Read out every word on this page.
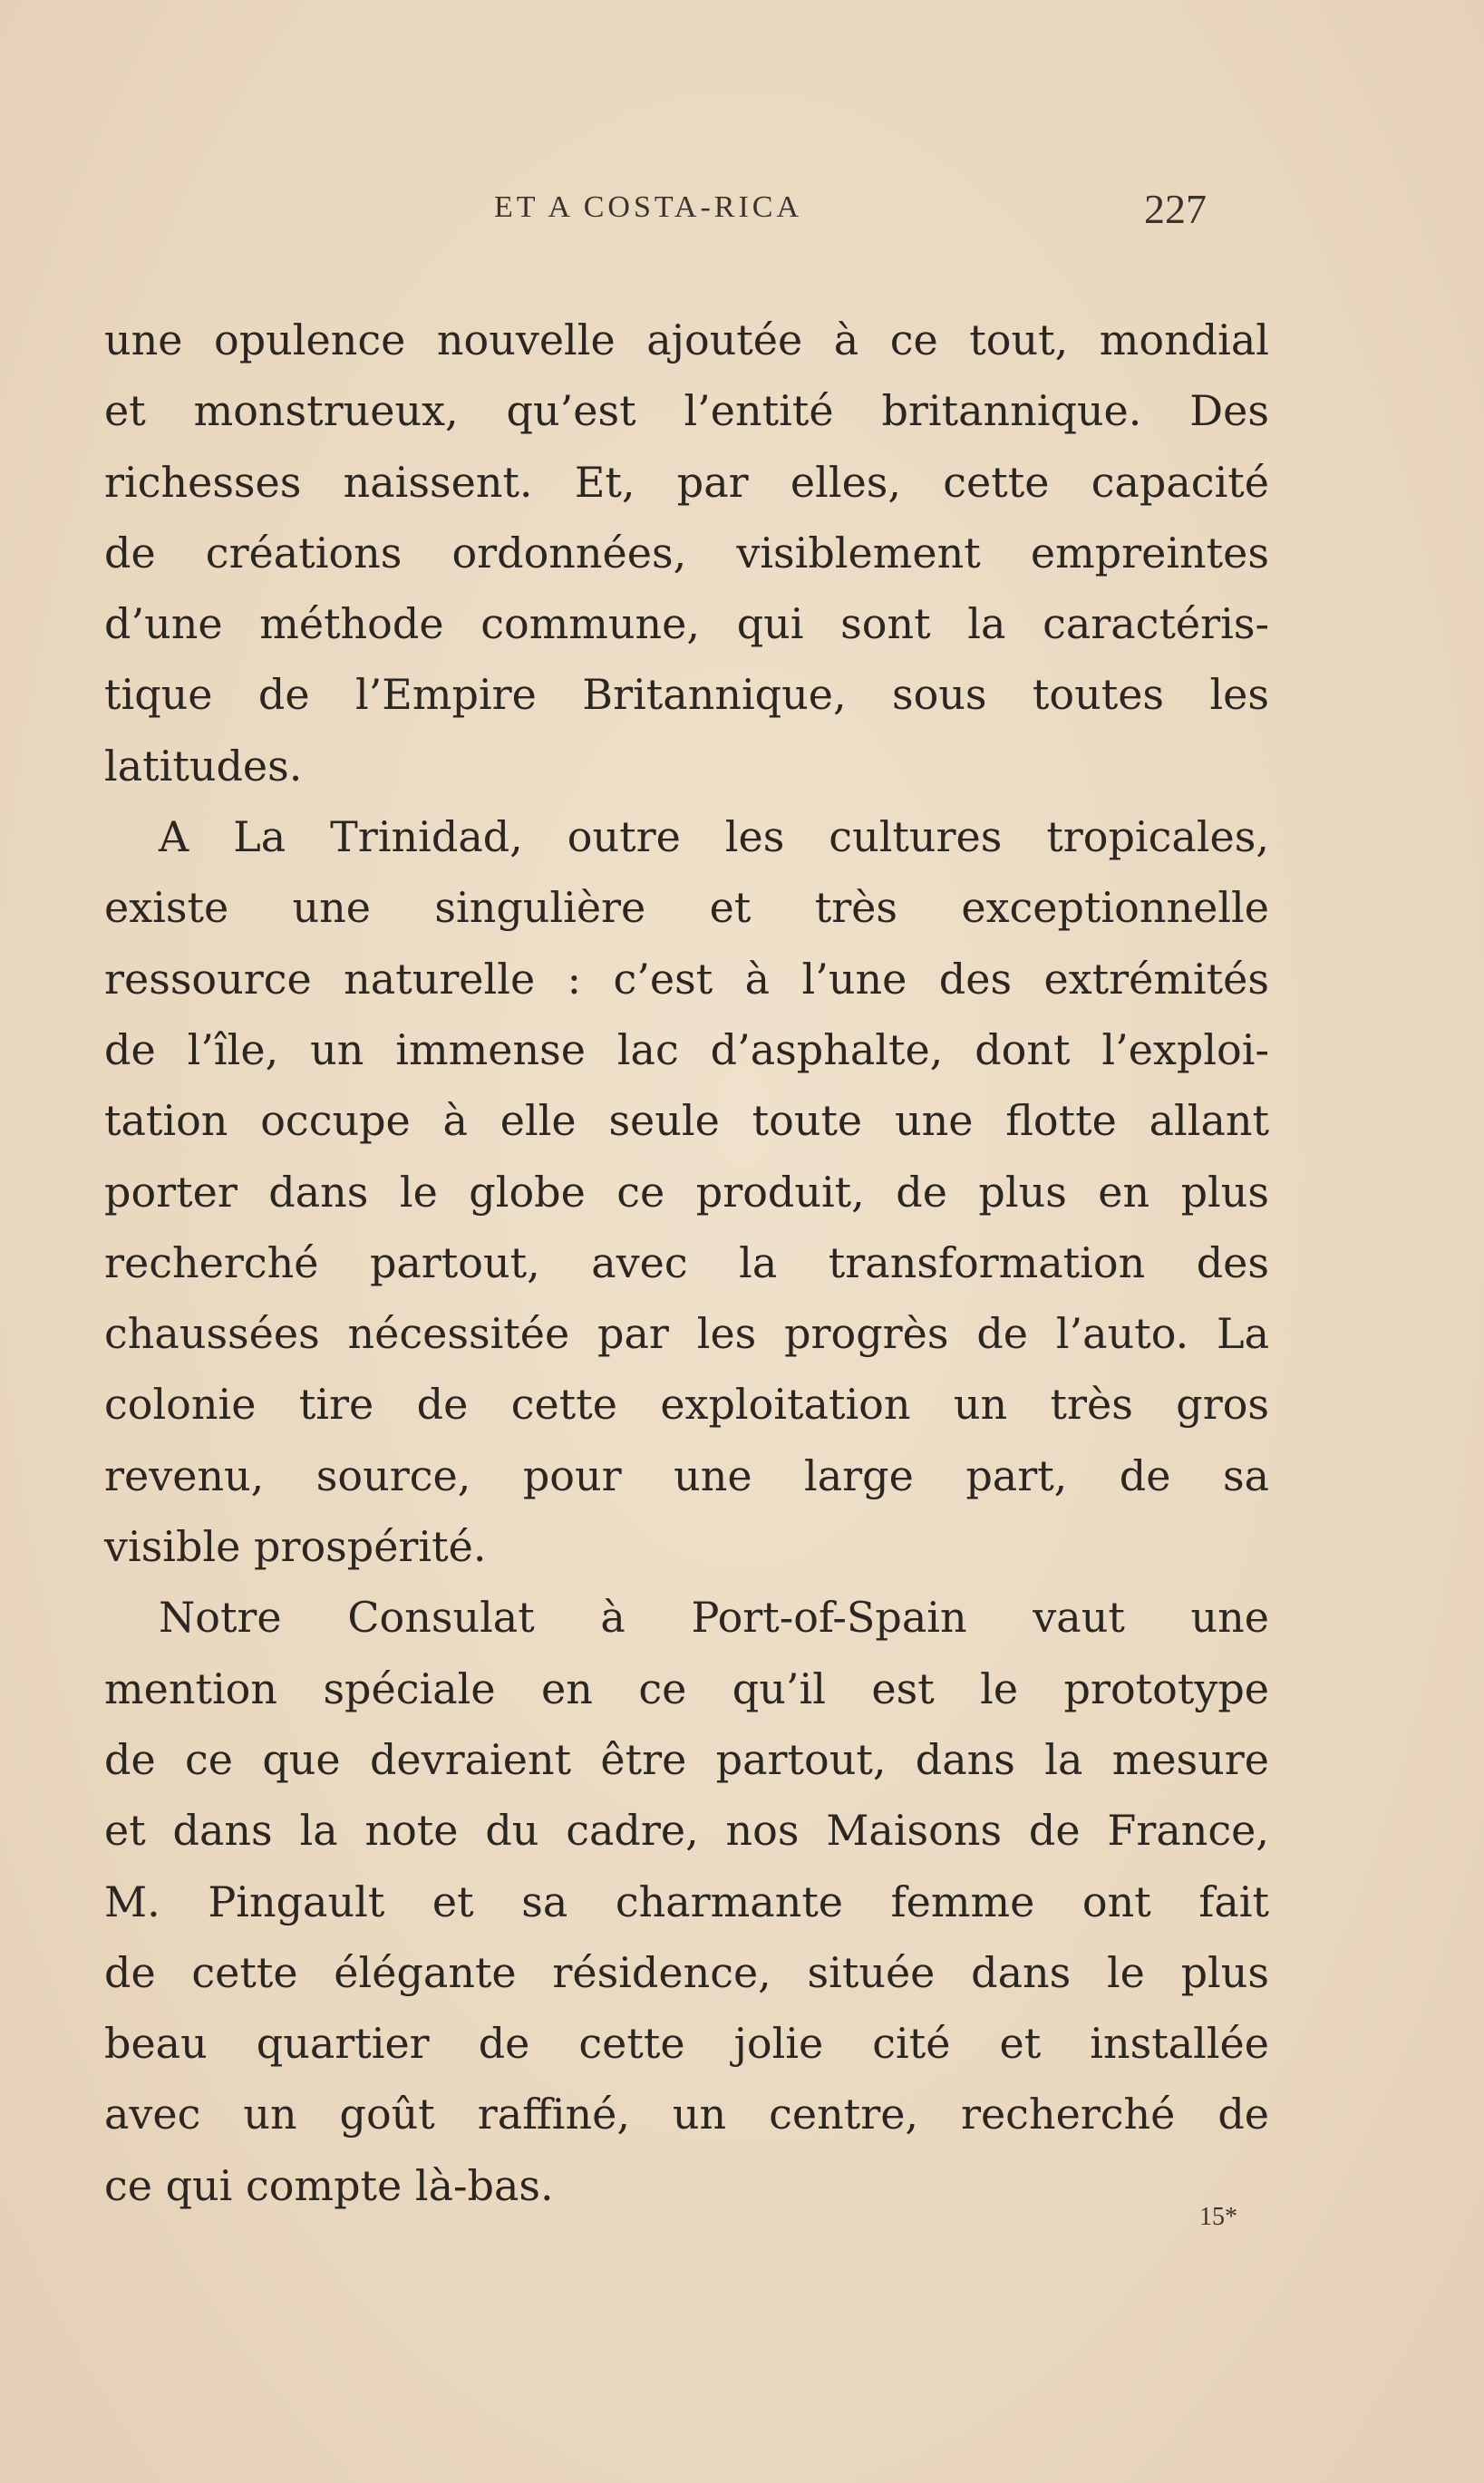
ET A COSTA-RICA	227
une opulence nouvelle ajoutée à ce tout, mondial
et monstrueux, qu’est l’entité britannique. Des
richesses naissent. Et, par elles, cette capacité
de créations ordonnées, visiblement empreintes
d’une méthode commune, qui sont la caractéris-
tique de l’Empire Britannique, sous toutes les
latitudes.
A La Trinidad, outre les cultures tropicales,
existe une singulière et très exceptionnelle
ressource naturelle : c’est à l’une des extrémités
de l’île, un immense lac d’asphalte, dont l’exploi-
tation occupe à elle seule toute une flotte allant
porter dans le globe ce produit, de plus en plus
recherché partout, avec la transformation des
chaussées nécessitée par les progrès de l’auto. La
colonie tire de cette exploitation un très gros
revenu, source, pour une large part, de sa
visible prospérité.
Notre Consulat à Port-of-Spain vaut une
mention spéciale en ce qu’il est le prototype
de ce que devraient être partout, dans la mesure
et dans la note du cadre, nos Maisons de France,
M. Pingault et sa charmante femme ont fait
de cette élégante résidence, située dans le plus
beau quartier de cette jolie cité et installée
avec un goût raffiné, un centre, recherché de
ce qui compte là-bas.
15*
